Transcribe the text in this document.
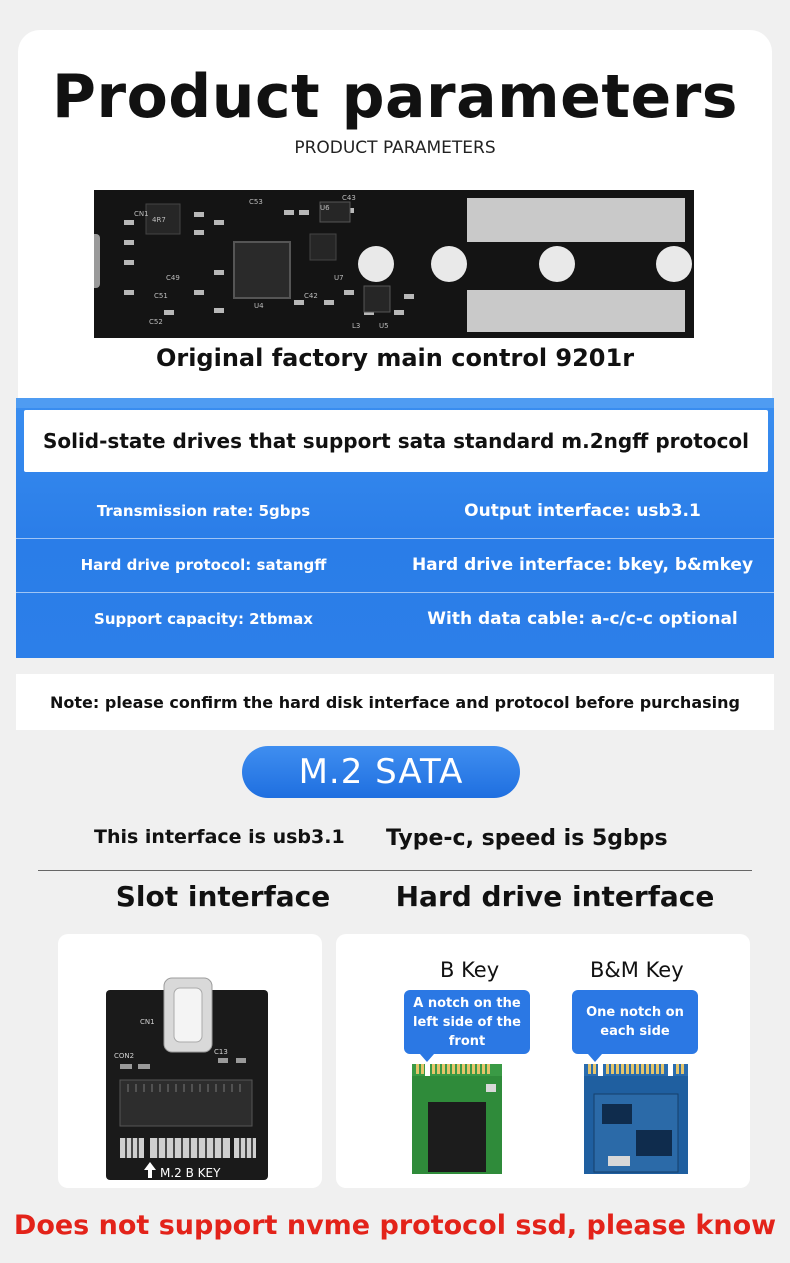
Product parameters
PRODUCT PARAMETERS
4R7
C43
U6
C53
CN1
C42
C49
C51
U7
C52
U4
U5
L3
Original factory main control 9201r
Solid-state drives that support sata standard m.2ngff protocol
Transmission rate: 5gbps	Output interface: usb3.1
Hard drive protocol: satangff	Hard drive interface: bkey, b&mkey
Support capacity: 2tbmax	With data cable: a-c/c-c optional
Note: please confirm the hard disk interface and protocol before purchasing
M.2 SATA
This interface is usb3.1 Type-c, speed is 5gbps
Slot interface	Hard drive interface
CN1
CON2	C13
M.2 B KEY
B Key	B&M Key
A notch on the left side of the front
One notch on each side
Does not support nvme protocol ssd, please know
